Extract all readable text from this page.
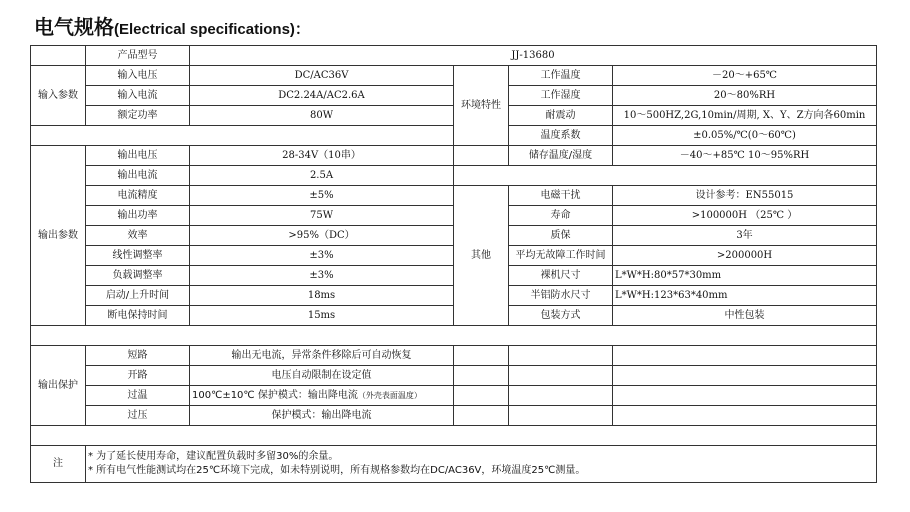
电气规格(Electrical specifications)：
	产品型号	JJ-13680			
输入参数	输入电压	DC/AC36V	环境特性	工作温度	－20～+65℃
	输入电流	DC2.24A/AC2.6A		工作湿度	20～80%RH
	额定功率	80W		耐震动	10～500HZ,2G,10min/周期, X、Y、Z方向各60min
				温度系数	±0.05%/℃(0～60℃)
输出参数	输出电压	28-34V（10串）		储存温度/湿度	－40～+85℃ 10～95%RH
	输出电流	2.5A			
	电流精度	±5%	其他	电磁干扰	设计参考：EN55015
	输出功率	75W		寿命	>100000H （25℃ ）
	效率	>95%（DC）		质保	3年
	线性调整率	±3%		平均无故障工作时间	>200000H
	负载调整率	±3%		裸机尺寸	L*W*H:80*57*30mm
	启动/上升时间	18ms		半铝防水尺寸	L*W*H:123*63*40mm
	断电保持时间	15ms		包装方式	中性包装

输出保护	短路	输出无电流，异常条件移除后可自动恢复			
	开路	电压自动限制在设定值			
	过温	100℃±10℃ 保护模式：输出降电流（外壳表面温度）			
	过压	保护模式：输出降电流			

注	* 为了延长使用寿命，建议配置负载时多留30%的余量。
* 所有电气性能测试均在25℃环境下完成，如未特别说明，所有规格参数均在DC/AC36V，环境温度25℃测量。				
